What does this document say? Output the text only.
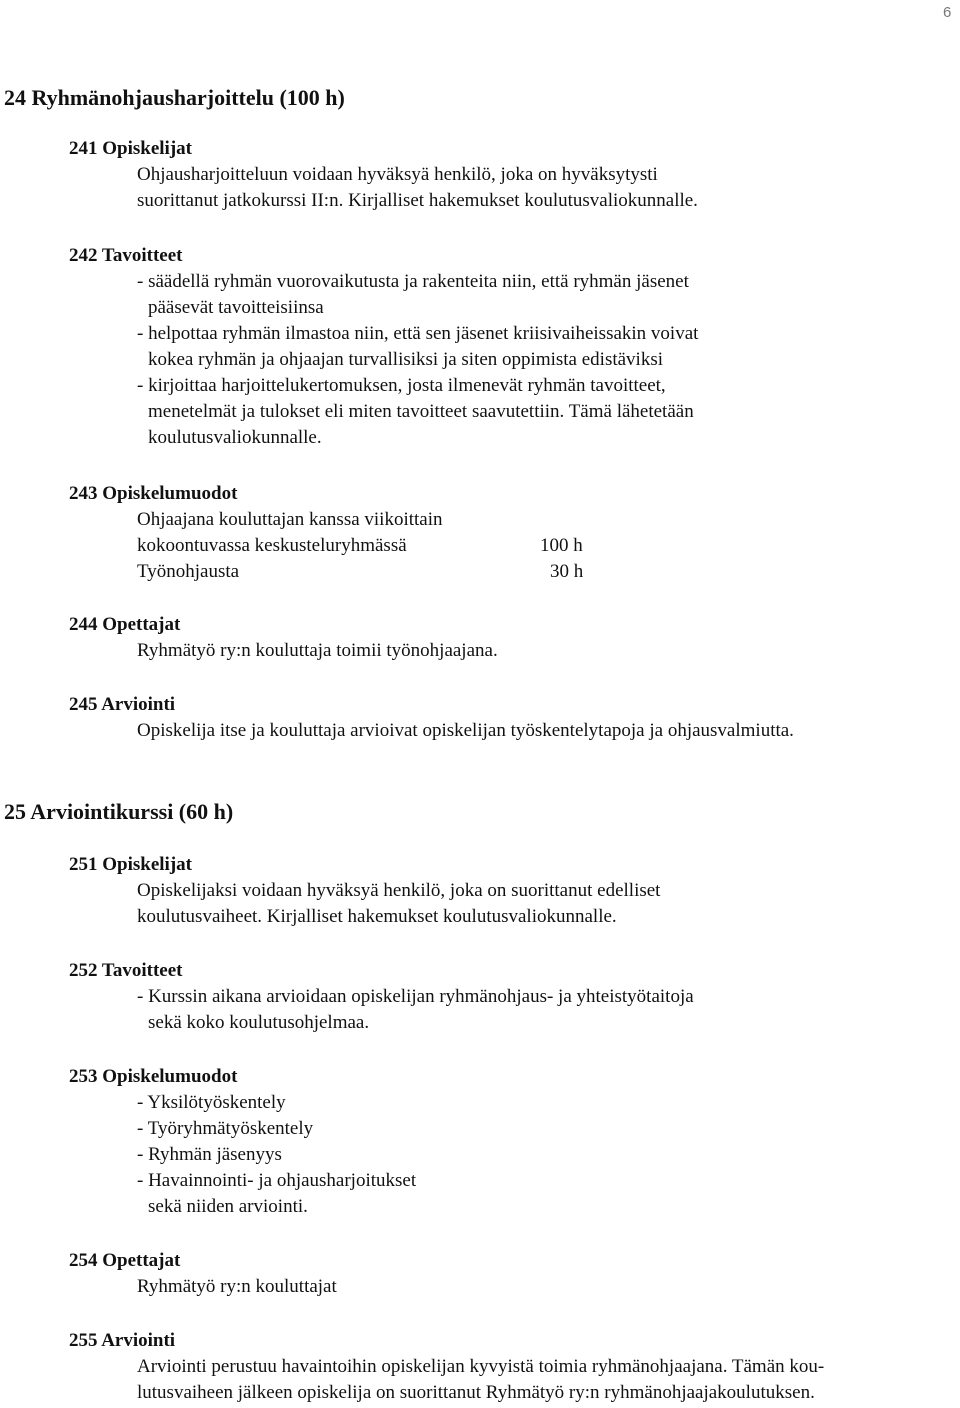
6
24 Ryhmänohjausharjoittelu (100 h)
241 Opiskelijat
Ohjausharjoitteluun voidaan hyväksyä henkilö, joka on hyväksytysti
suorittanut jatkokurssi II:n. Kirjalliset hakemukset koulutusvaliokunnalle.
242 Tavoitteet
- säädellä ryhmän vuorovaikutusta ja rakenteita niin, että ryhmän jäsenet
pääsevät tavoitteisiinsa
- helpottaa ryhmän ilmastoa niin, että sen jäsenet kriisivaiheissakin voivat
kokea ryhmän ja ohjaajan turvallisiksi ja siten oppimista edistäviksi
- kirjoittaa harjoittelukertomuksen, josta ilmenevät ryhmän tavoitteet,
menetelmät ja tulokset eli miten tavoitteet saavutettiin. Tämä lähetetään
koulutusvaliokunnalle.
243 Opiskelumuodot
Ohjaajana kouluttajan kanssa viikoittain
kokoontuvassa keskusteluryhmässä	100 h
Työnohjausta	30 h
244 Opettajat
Ryhmätyö ry:n kouluttaja toimii työnohjaajana.
245 Arviointi
Opiskelija itse ja kouluttaja arvioivat opiskelijan työskentelytapoja ja ohjausvalmiutta.
25 Arviointikurssi (60 h)
251 Opiskelijat
Opiskelijaksi voidaan hyväksyä henkilö, joka on suorittanut edelliset
koulutusvaiheet. Kirjalliset hakemukset koulutusvaliokunnalle.
252 Tavoitteet
- Kurssin aikana arvioidaan opiskelijan ryhmänohjaus- ja yhteistyötaitoja
sekä koko koulutusohjelmaa.
253 Opiskelumuodot
- Yksilötyöskentely
- Työryhmätyöskentely
- Ryhmän jäsenyys
- Havainnointi- ja ohjausharjoitukset
sekä niiden arviointi.
254 Opettajat
Ryhmätyö ry:n kouluttajat
255 Arviointi
Arviointi perustuu havaintoihin opiskelijan kyvyistä toimia ryhmänohjaajana. Tämän kou-
lutusvaiheen jälkeen opiskelija on suorittanut Ryhmätyö ry:n ryhmänohjaajakoulutuksen.
